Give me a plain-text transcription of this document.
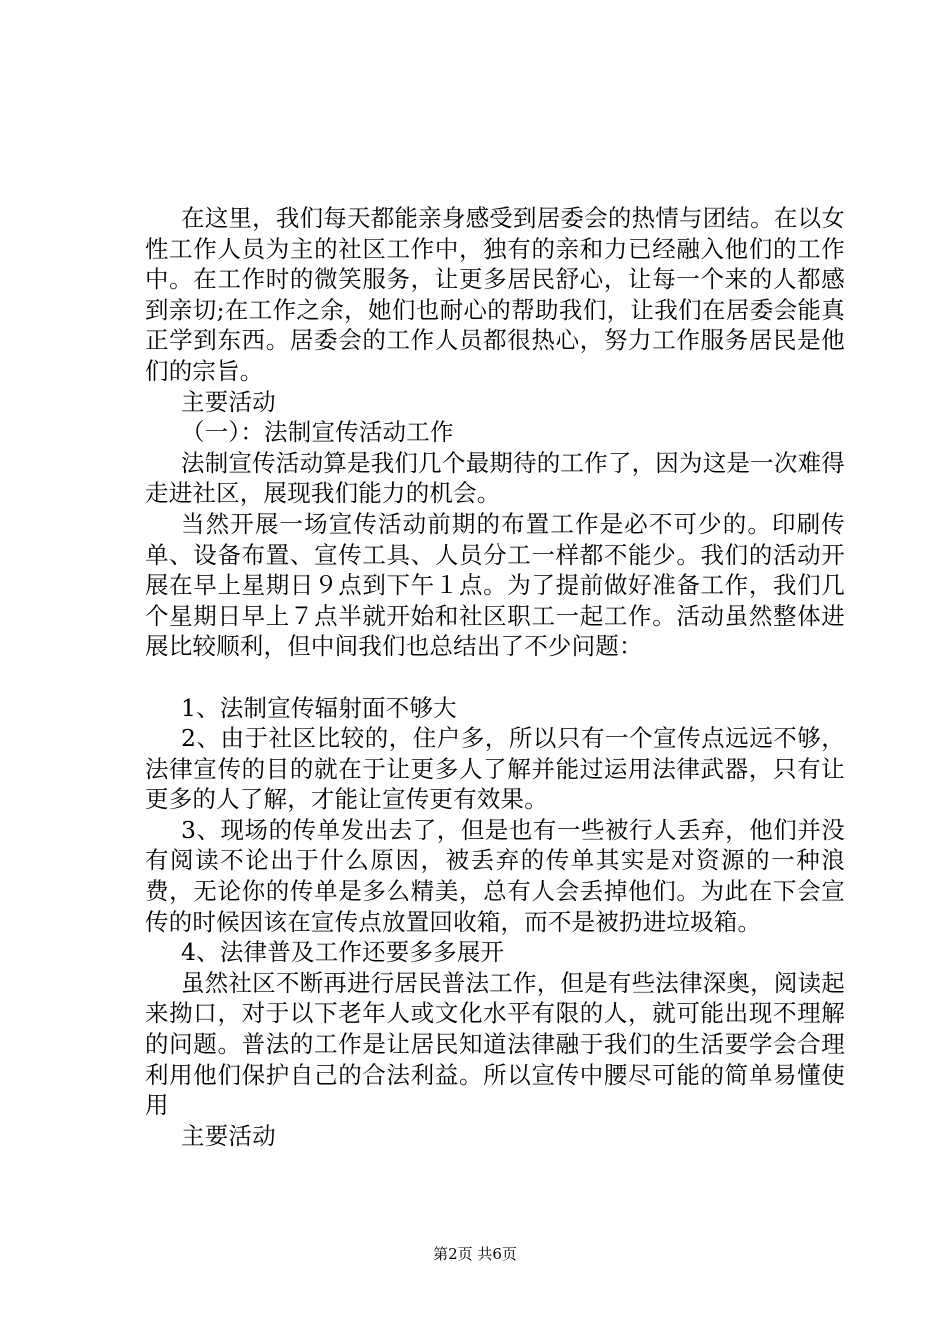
在这里，我们每天都能亲身感受到居委会的热情与团结。在以女性工作人员为主的社区工作中，独有的亲和力已经融入他们的工作中。在工作时的微笑服务，让更多居民舒心，让每一个来的人都感到亲切;在工作之余，她们也耐心的帮助我们，让我们在居委会能真正学到东西。居委会的工作人员都很热心，努力工作服务居民是他们的宗旨。

主要活动

（一）：法制宣传活动工作

法制宣传活动算是我们几个最期待的工作了，因为这是一次难得走进社区，展现我们能力的机会。

当然开展一场宣传活动前期的布置工作是必不可少的。印刷传单、设备布置、宣传工具、人员分工一样都不能少。我们的活动开展在早上星期日９点到下午１点。为了提前做好准备工作，我们几个星期日早上７点半就开始和社区职工一起工作。活动虽然整体进展比较顺利，但中间我们也总结出了不少问题：

1、法制宣传辐射面不够大

2、由于社区比较的，住户多，所以只有一个宣传点远远不够，法律宣传的目的就在于让更多人了解并能过运用法律武器，只有让更多的人了解，才能让宣传更有效果。

3、现场的传单发出去了，但是也有一些被行人丢弃，他们并没有阅读不论出于什么原因，被丢弃的传单其实是对资源的一种浪费，无论你的传单是多么精美，总有人会丢掉他们。为此在下会宣传的时候因该在宣传点放置回收箱，而不是被扔进垃圾箱。

4、法律普及工作还要多多展开

虽然社区不断再进行居民普法工作，但是有些法律深奥，阅读起来拗口，对于以下老年人或文化水平有限的人，就可能出现不理解的问题。普法的工作是让居民知道法律融于我们的生活要学会合理利用他们保护自己的合法利益。所以宣传中腰尽可能的简单易懂使用

主要活动

第2页 共6页
